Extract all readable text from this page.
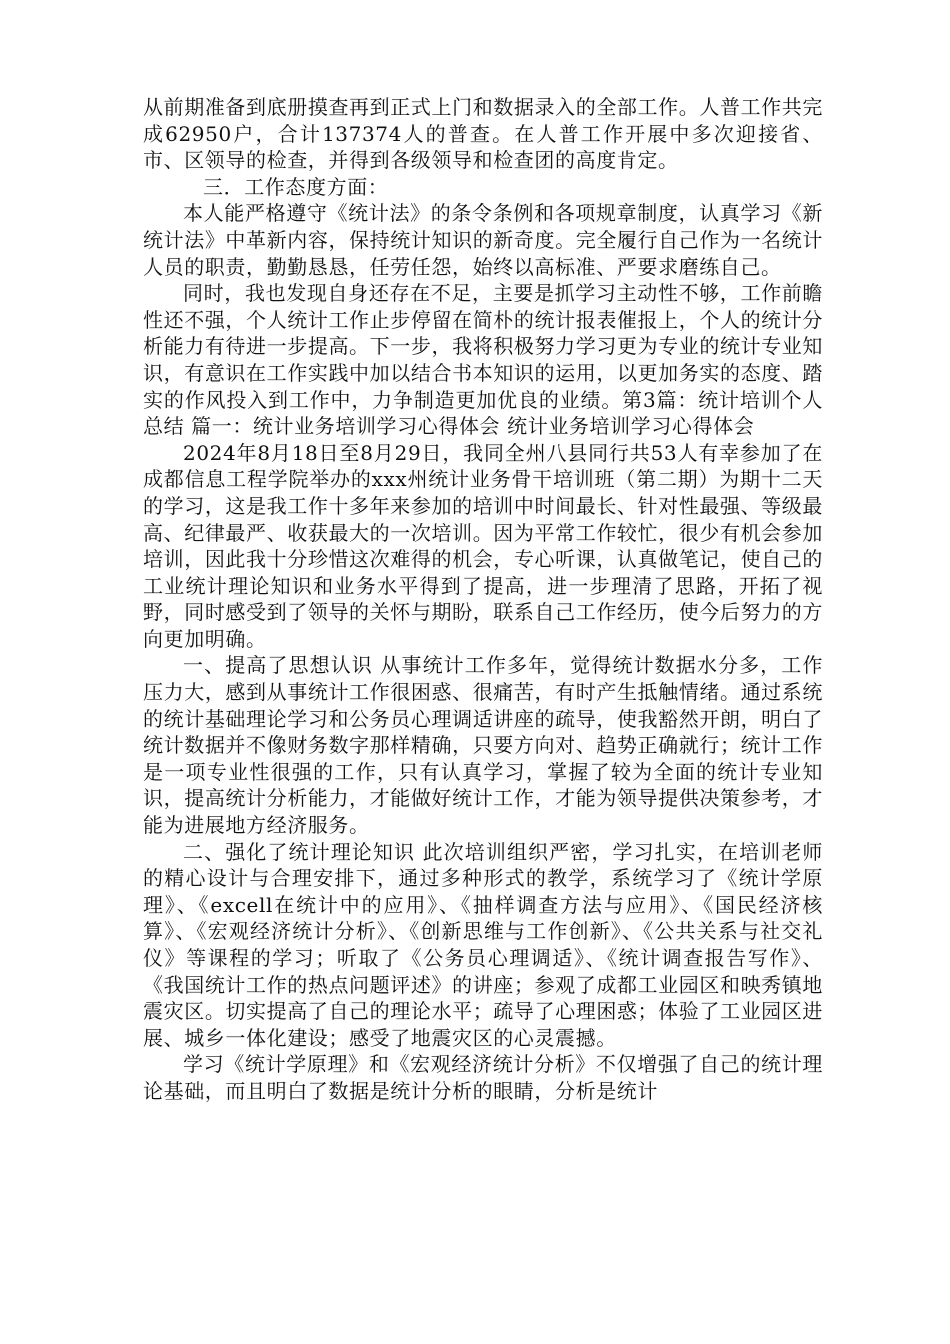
从前期准备到底册摸查再到正式上门和数据录入的全部工作。人普工作共完成62950户，合计137374人的普查。在人普工作开展中多次迎接省、市、区领导的检查，并得到各级领导和检查团的高度肯定。

三．工作态度方面：

本人能严格遵守《统计法》的条令条例和各项规章制度，认真学习《新统计法》中革新内容，保持统计知识的新奇度。完全履行自己作为一名统计人员的职责，勤勤恳恳，任劳任怨，始终以高标准、严要求磨练自己。

同时，我也发现自身还存在不足，主要是抓学习主动性不够，工作前瞻性还不强，个人统计工作止步停留在简朴的统计报表催报上，个人的统计分析能力有待进一步提高。下一步，我将积极努力学习更为专业的统计专业知识，有意识在工作实践中加以结合书本知识的运用，以更加务实的态度、踏实的作风投入到工作中，力争制造更加优良的业绩。第3篇：统计培训个人总结 篇一：统计业务培训学习心得体会 统计业务培训学习心得体会

2024年8月18日至8月29日，我同全州八县同行共53人有幸参加了在成都信息工程学院举办的xxx州统计业务骨干培训班（第二期）为期十二天的学习，这是我工作十多年来参加的培训中时间最长、针对性最强、等级最高、纪律最严、收获最大的一次培训。因为平常工作较忙，很少有机会参加培训，因此我十分珍惜这次难得的机会，专心听课，认真做笔记，使自己的工业统计理论知识和业务水平得到了提高，进一步理清了思路，开拓了视野，同时感受到了领导的关怀与期盼，联系自己工作经历，使今后努力的方向更加明确。

一、提高了思想认识 从事统计工作多年，觉得统计数据水分多，工作压力大，感到从事统计工作很困惑、很痛苦，有时产生抵触情绪。通过系统的统计基础理论学习和公务员心理调适讲座的疏导，使我豁然开朗，明白了统计数据并不像财务数字那样精确，只要方向对、趋势正确就行；统计工作是一项专业性很强的工作，只有认真学习，掌握了较为全面的统计专业知识，提高统计分析能力，才能做好统计工作，才能为领导提供决策参考，才能为进展地方经济服务。

二、强化了统计理论知识 此次培训组织严密，学习扎实，在培训老师的精心设计与合理安排下，通过多种形式的教学，系统学习了《统计学原理》、《excell在统计中的应用》、《抽样调查方法与应用》、《国民经济核算》、《宏观经济统计分析》、《创新思维与工作创新》、《公共关系与社交礼仪》等课程的学习；听取了《公务员心理调适》、《统计调查报告写作》、《我国统计工作的热点问题评述》的讲座；参观了成都工业园区和映秀镇地震灾区。切实提高了自己的理论水平；疏导了心理困惑；体验了工业园区进展、城乡一体化建设；感受了地震灾区的心灵震撼。

学习《统计学原理》和《宏观经济统计分析》不仅增强了自己的统计理论基础，而且明白了数据是统计分析的眼睛，分析是统计
